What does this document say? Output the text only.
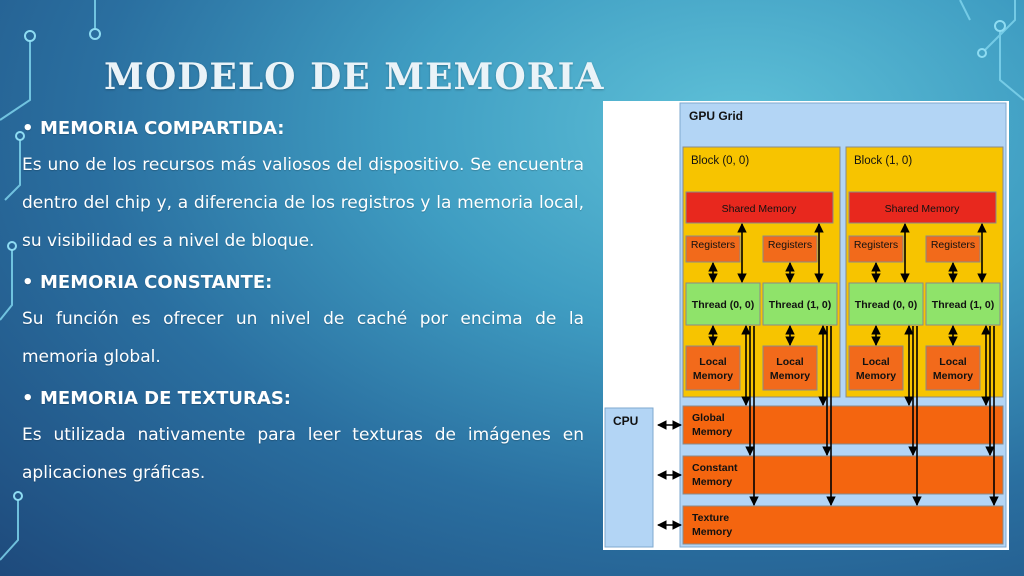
MODELO DE MEMORIA
• MEMORIA COMPARTIDA:

Es uno de los recursos más valiosos del dispositivo. Se encuentra dentro del chip y, a diferencia de los registros y la memoria local, su visibilidad es a nivel de bloque.

• MEMORIA CONSTANTE:

Su función es ofrecer un nivel de caché por encima de la memoria global.

• MEMORIA DE TEXTURAS:

Es utilizada nativamente para leer texturas de imágenes en aplicaciones gráficas.

GPU Grid
CPU	Global
Memory
Constant
Memory
Texture
Memory
Block (0, 0)
Shared Memory
Registers
Thread (0, 0)
Local
Memory
Registers
Thread (1, 0)
Local
Memory
Block (1, 0)
Shared Memory
Registers
Thread (0, 0)
Local
Memory
Registers
Thread (1, 0)
Local
Memory
